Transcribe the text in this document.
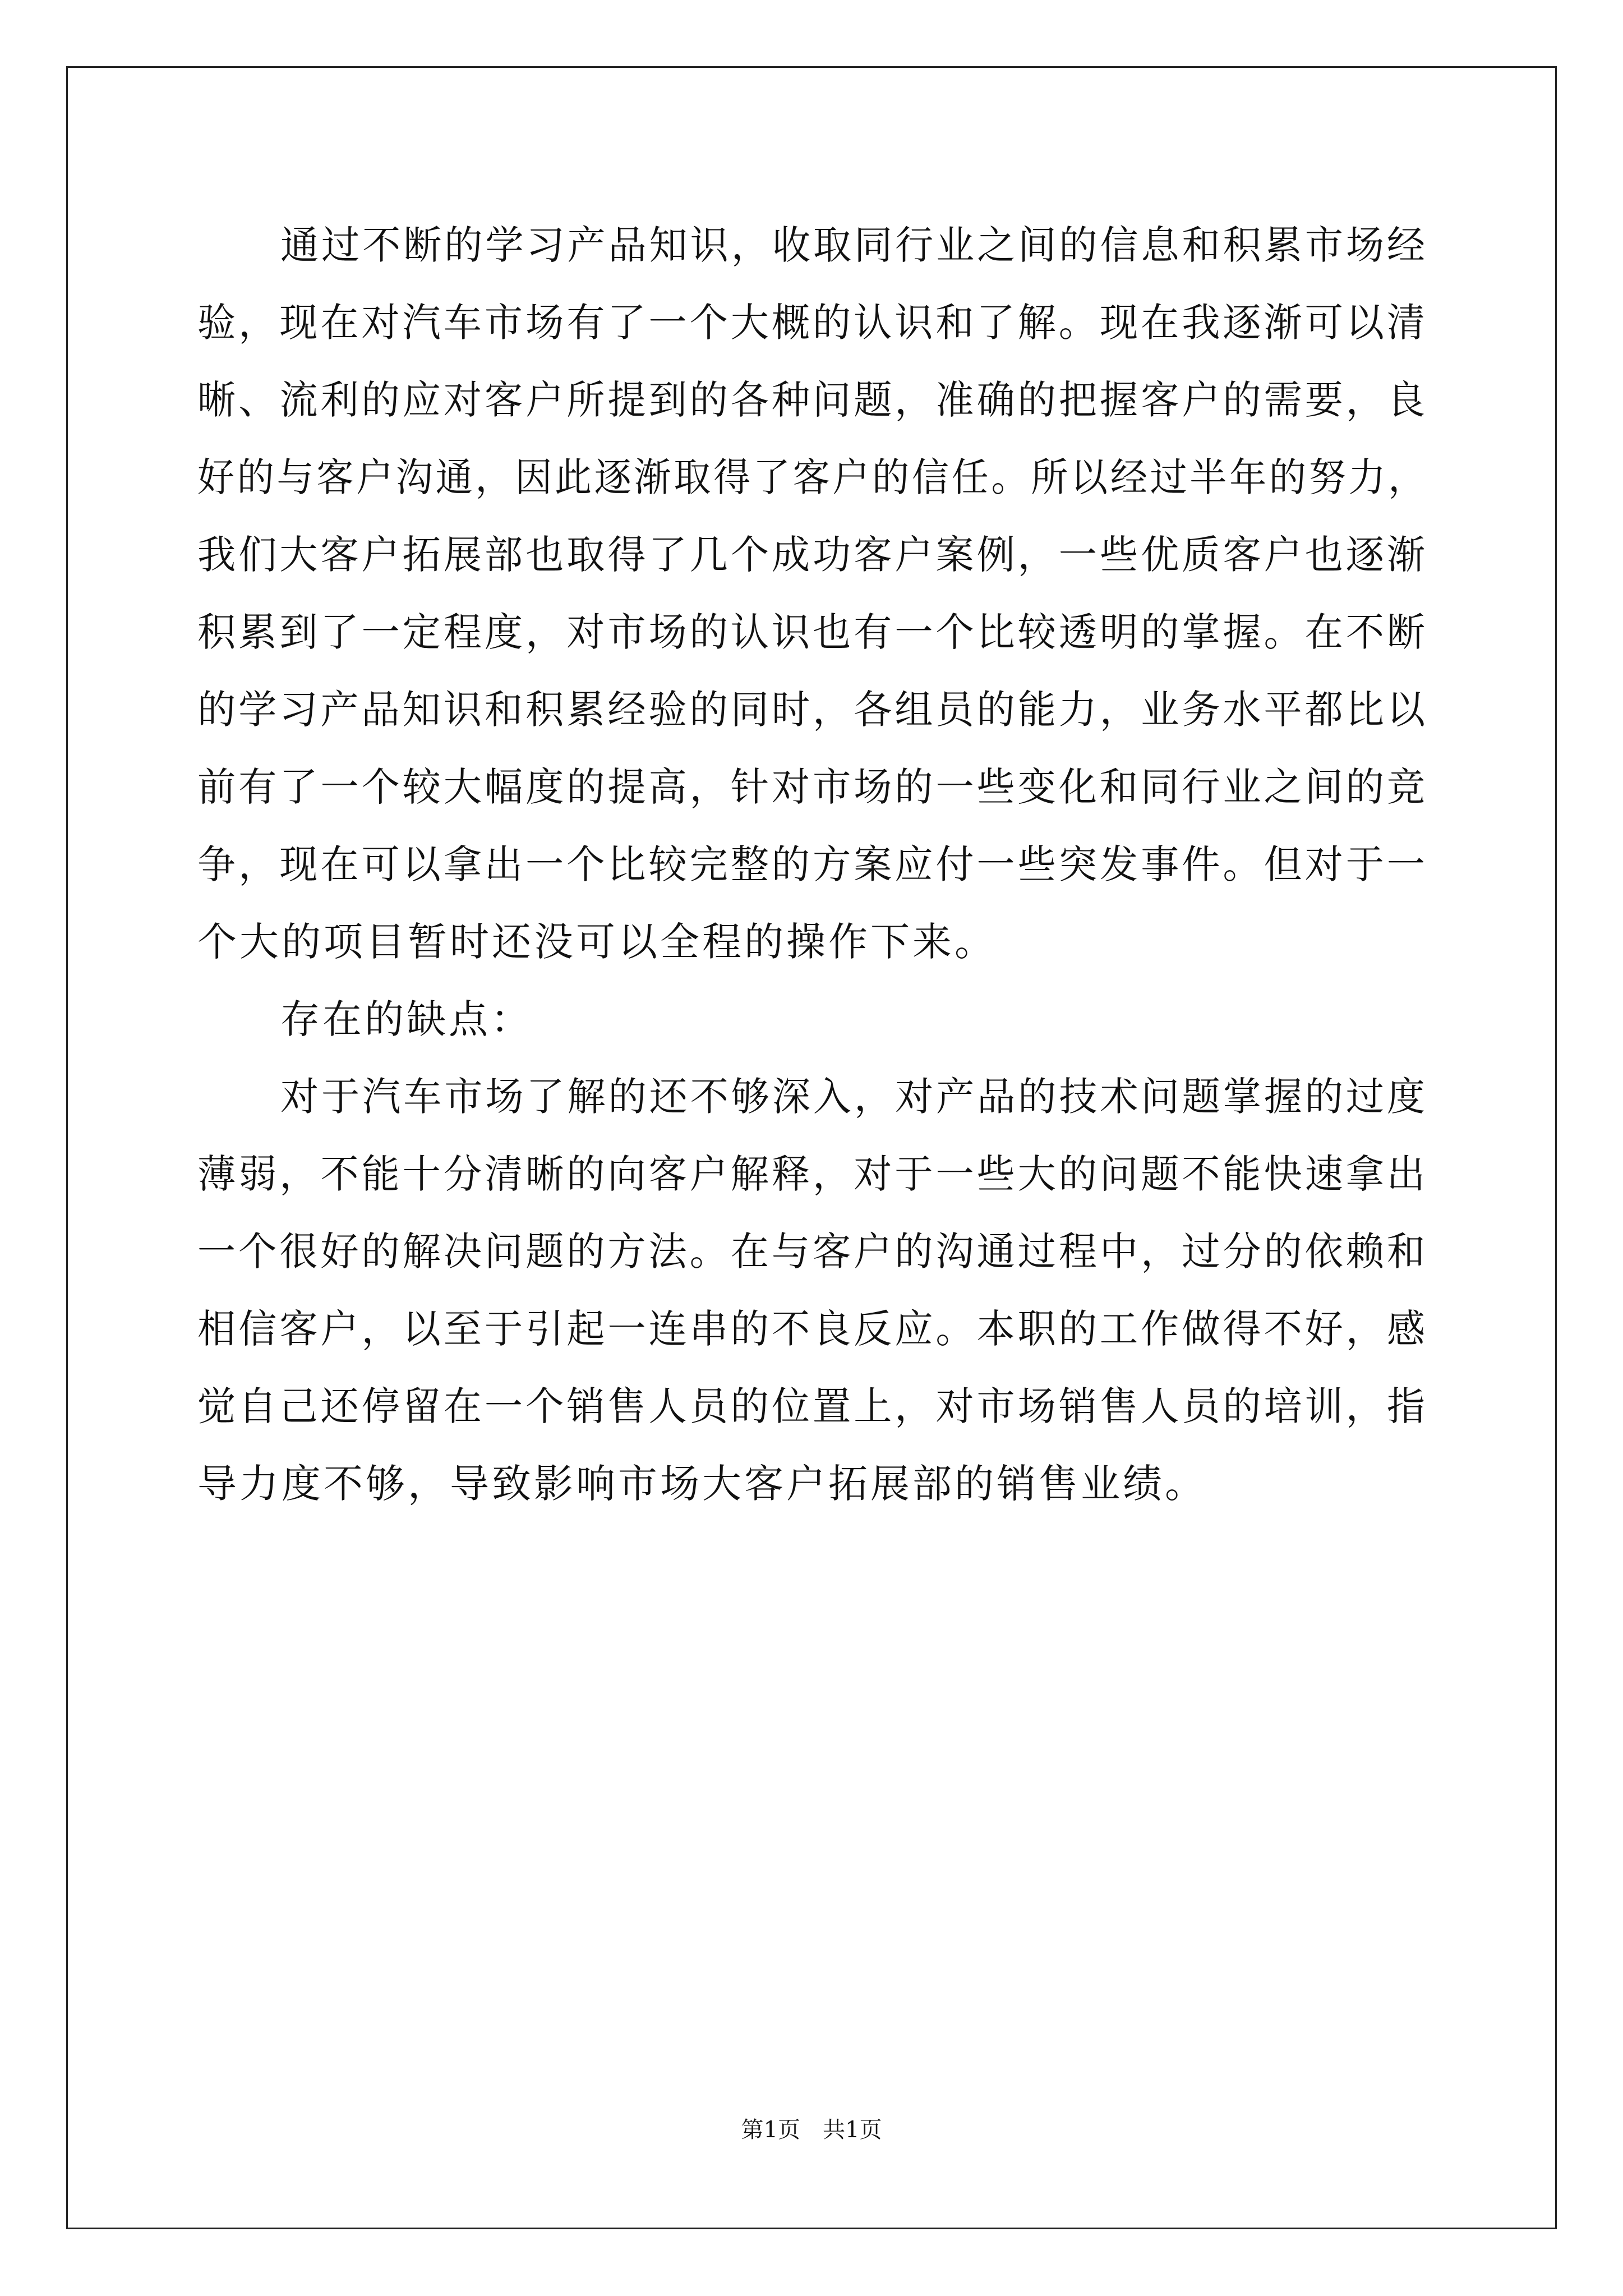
通过不断的学习产品知识，收取同行业之间的信息和积累市场经
验，现在对汽车市场有了一个大概的认识和了解。现在我逐渐可以清
晰、流利的应对客户所提到的各种问题，准确的把握客户的需要，良
好的与客户沟通，因此逐渐取得了客户的信任。所以经过半年的努力，
我们大客户拓展部也取得了几个成功客户案例，一些优质客户也逐渐
积累到了一定程度，对市场的认识也有一个比较透明的掌握。在不断
的学习产品知识和积累经验的同时，各组员的能力，业务水平都比以
前有了一个较大幅度的提高，针对市场的一些变化和同行业之间的竞
争，现在可以拿出一个比较完整的方案应付一些突发事件。但对于一
个大的项目暂时还没可以全程的操作下来。
存在的缺点：
对于汽车市场了解的还不够深入，对产品的技术问题掌握的过度
薄弱，不能十分清晰的向客户解释，对于一些大的问题不能快速拿出
一个很好的解决问题的方法。在与客户的沟通过程中，过分的依赖和
相信客户，以至于引起一连串的不良反应。本职的工作做得不好，感
觉自己还停留在一个销售人员的位置上，对市场销售人员的培训，指
导力度不够，导致影响市场大客户拓展部的销售业绩。
第1页　共1页
